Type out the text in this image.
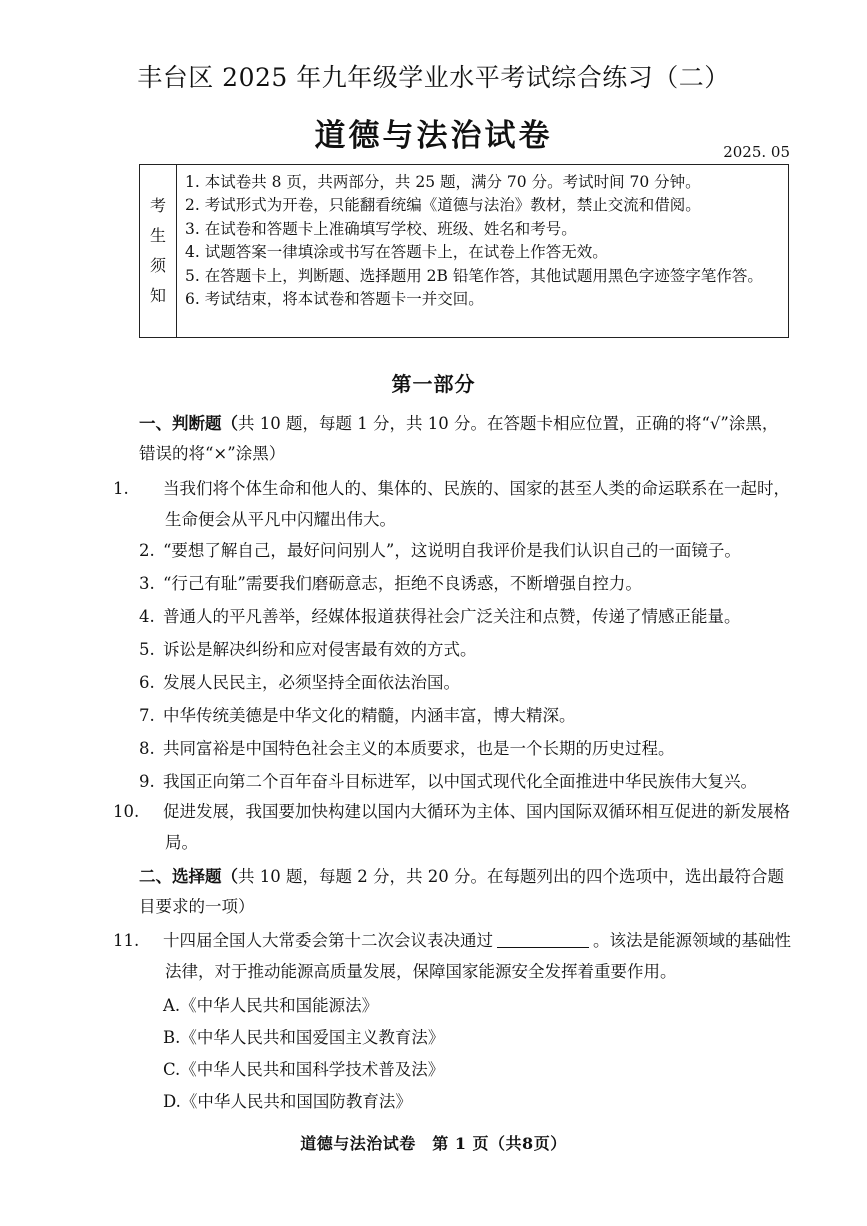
丰台区 2025 年九年级学业水平考试综合练习（二）
道德与法治试卷	2025. 05
考
生
须
知
1. 本试卷共 8 页，共两部分，共 25 题，满分 70 分。考试时间 70 分钟。
2. 考试形式为开卷，只能翻看统编《道德与法治》教材，禁止交流和借阅。
3. 在试卷和答题卡上准确填写学校、班级、姓名和考号。
4. 试题答案一律填涂或书写在答题卡上，在试卷上作答无效。
5. 在答题卡上，判断题、选择题用 2B 铅笔作答，其他试题用黑色字迹签字笔作答。
6. 考试结束，将本试卷和答题卡一并交回。
第一部分
一、判断题（共 10 题，每题 1 分，共 10 分。在答题卡相应位置，正确的将“√”涂黑，错误的将“×”涂黑）
1. 当我们将个体生命和他人的、集体的、民族的、国家的甚至人类的命运联系在一起时，生命便会从平凡中闪耀出伟大。
2. “要想了解自己，最好问问别人”，这说明自我评价是我们认识自己的一面镜子。
3. “行己有耻”需要我们磨砺意志，拒绝不良诱惑，不断增强自控力。
4. 普通人的平凡善举，经媒体报道获得社会广泛关注和点赞，传递了情感正能量。
5. 诉讼是解决纠纷和应对侵害最有效的方式。
6. 发展人民民主，必须坚持全面依法治国。
7. 中华传统美德是中华文化的精髓，内涵丰富，博大精深。
8. 共同富裕是中国特色社会主义的本质要求，也是一个长期的历史过程。
9. 我国正向第二个百年奋斗目标进军，以中国式现代化全面推进中华民族伟大复兴。
10. 促进发展，我国要加快构建以国内大循环为主体、国内国际双循环相互促进的新发展格局。
二、选择题（共 10 题，每题 2 分，共 20 分。在每题列出的四个选项中，选出最符合题目要求的一项）
11. 十四届全国人大常委会第十二次会议表决通过	。该法是能源领域的基础性法律，对于推动能源高质量发展，保障国家能源安全发挥着重要作用。
A.《中华人民共和国能源法》
B.《中华人民共和国爱国主义教育法》
C.《中华人民共和国科学技术普及法》
D.《中华人民共和国国防教育法》
道德与法治试卷　第 1 页（共8页）
